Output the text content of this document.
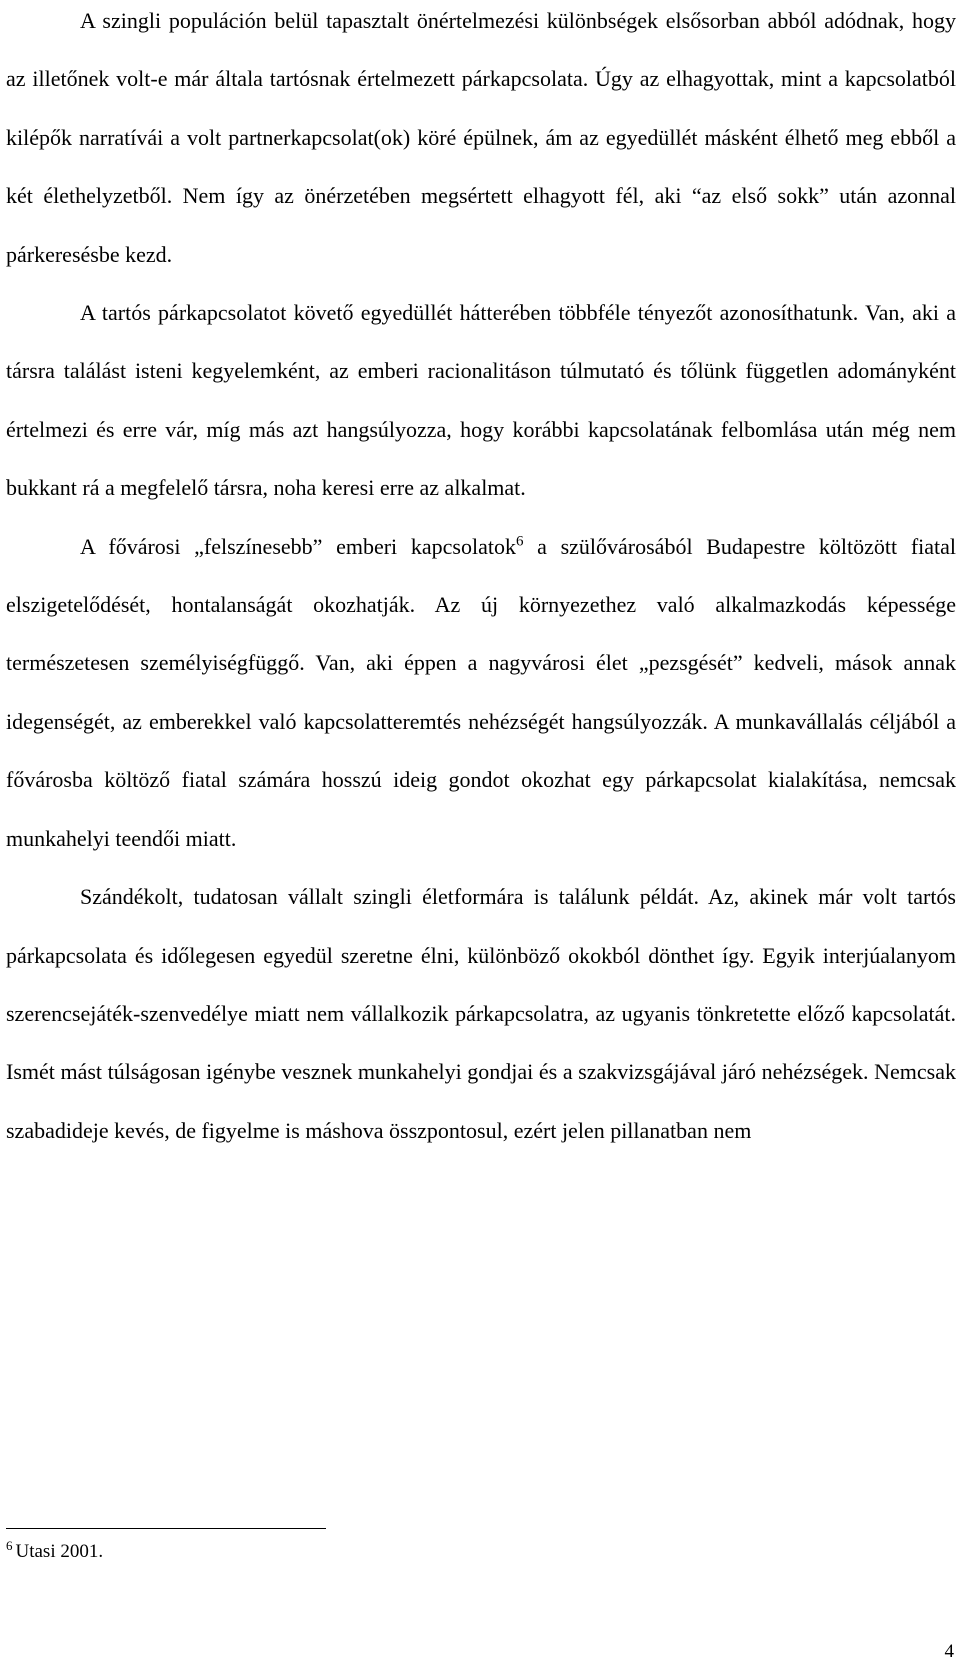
A szingli populáción belül tapasztalt önértelmezési különbségek elsősorban abból adódnak, hogy az illetőnek volt-e már általa tartósnak értelmezett párkapcsolata. Úgy az elhagyottak, mint a kapcsolatból kilépők narratívái a volt partnerkapcsolat(ok) köré épülnek, ám az egyedüllét másként élhető meg ebből a két élethelyzetből. Nem így az önérzetében megsértett elhagyott fél, aki “az első sokk” után azonnal párkeresésbe kezd.

A tartós párkapcsolatot követő egyedüllét hátterében többféle tényezőt azonosíthatunk. Van, aki a társra találást isteni kegyelemként, az emberi racionalitáson túlmutató és tőlünk független adományként értelmezi és erre vár, míg más azt hangsúlyozza, hogy korábbi kapcsolatának felbomlása után még nem bukkant rá a megfelelő társra, noha keresi erre az alkalmat.

A fővárosi „felszínesebb” emberi kapcsolatok$^6$ a szülővárosából Budapestre költözött fiatal elszigetelődését, hontalanságát okozhatják. Az új környezethez való alkalmazkodás képessége természetesen személyiségfüggő. Van, aki éppen a nagyvárosi élet „pezsgését” kedveli, mások annak idegenségét, az emberekkel való kapcsolatteremtés nehézségét hangsúlyozzák. A munkavállalás céljából a fővárosba költöző fiatal számára hosszú ideig gondot okozhat egy párkapcsolat kialakítása, nemcsak munkahelyi teendői miatt.

Szándékolt, tudatosan vállalt szingli életformára is találunk példát. Az, akinek már volt tartós párkapcsolata és időlegesen egyedül szeretne élni, különböző okokból dönthet így. Egyik interjúalanyom szerencsejáték-szenvedélye miatt nem vállalkozik párkapcsolatra, az ugyanis tönkretette előző kapcsolatát. Ismét mást túlságosan igénybe vesznek munkahelyi gondjai és a szakvizsgájával járó nehézségek. Nemcsak szabadideje kevés, de figyelme is máshova összpontosul, ezért jelen pillanatban nem

$^6$ Utasi 2001.
4
